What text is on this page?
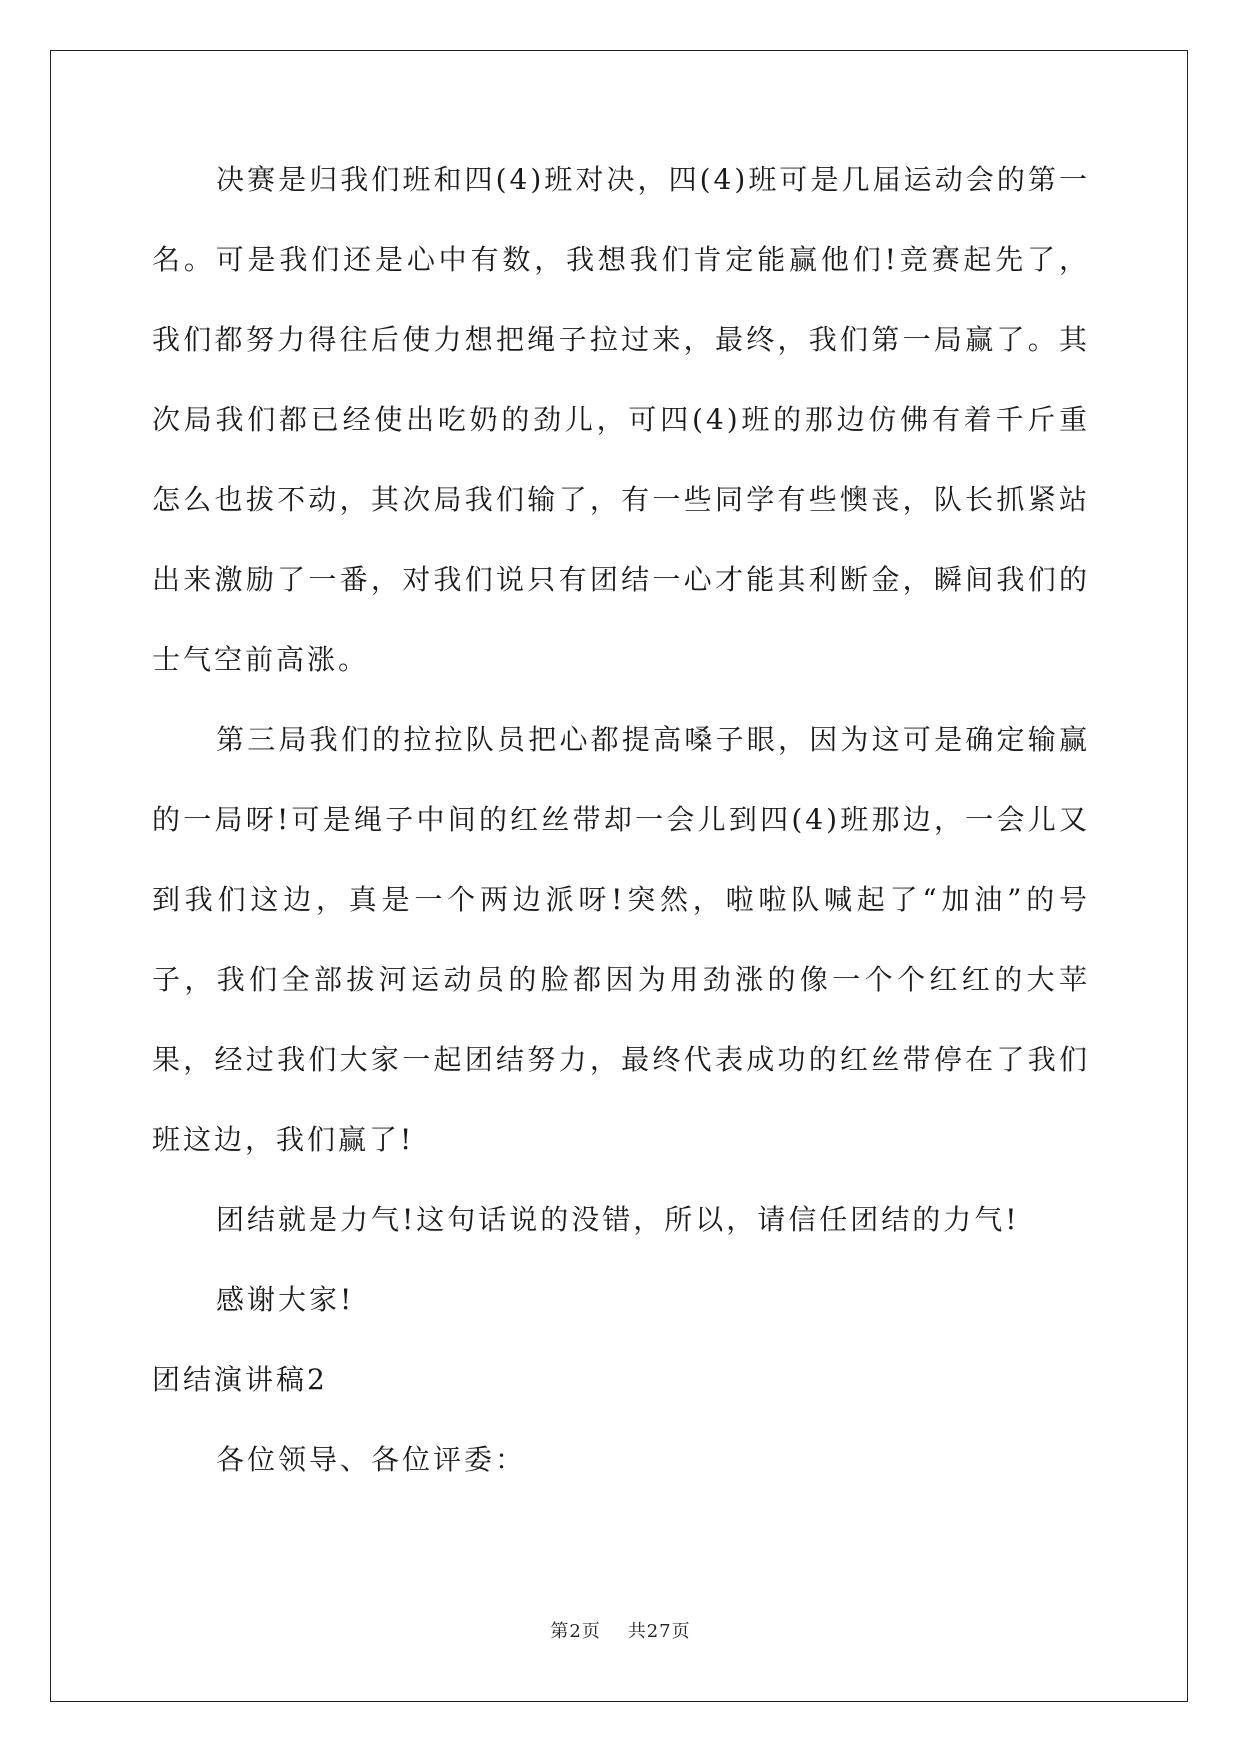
决赛是归我们班和四(4)班对决，四(4)班可是几届运动会的第一名。可是我们还是心中有数，我想我们肯定能赢他们!竞赛起先了，我们都努力得往后使力想把绳子拉过来，最终，我们第一局赢了。其次局我们都已经使出吃奶的劲儿，可四(4)班的那边仿佛有着千斤重怎么也拔不动，其次局我们输了，有一些同学有些懊丧，队长抓紧站出来激励了一番，对我们说只有团结一心才能其利断金，瞬间我们的士气空前高涨。

第三局我们的拉拉队员把心都提高嗓子眼，因为这可是确定输赢的一局呀!可是绳子中间的红丝带却一会儿到四(4)班那边，一会儿又到我们这边，真是一个两边派呀!突然，啦啦队喊起了“加油”的号子，我们全部拔河运动员的脸都因为用劲涨的像一个个红红的大苹果，经过我们大家一起团结努力，最终代表成功的红丝带停在了我们班这边，我们赢了!

团结就是力气!这句话说的没错，所以，请信任团结的力气!

感谢大家!

团结演讲稿2

各位领导、各位评委：

第2页 共27页
